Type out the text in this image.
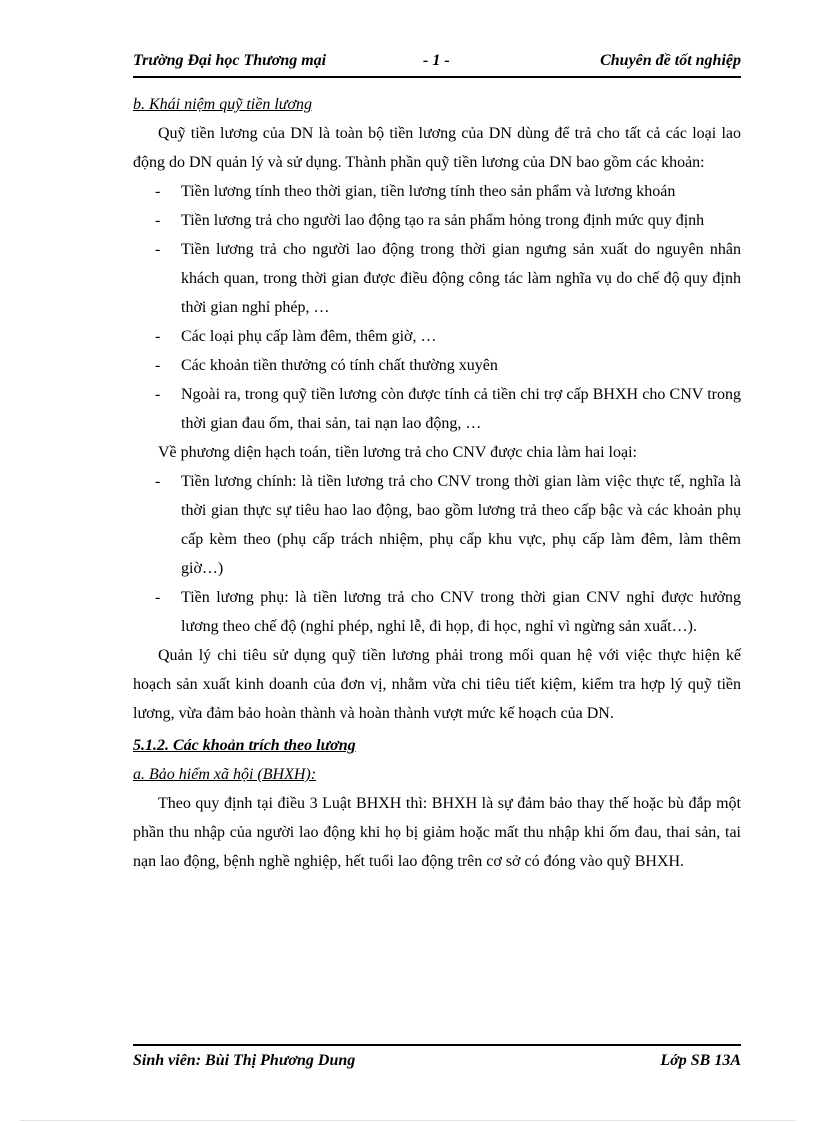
Trường Đại học Thương mại	- 1 -	Chuyên đề tốt nghiệp
b. Khái niệm quỹ tiền lương
Quỹ tiền lương của DN là toàn bộ tiền lương của DN dùng để trả cho tất cả các loại lao động do DN quản lý và sử dụng. Thành phần quỹ tiền lương của DN bao gồm các khoản:
- Tiền lương tính theo thời gian, tiền lương tính theo sản phẩm và lương khoán
- Tiền lương trả cho người lao động tạo ra sản phẩm hỏng trong định mức quy định
- Tiền lương trả cho người lao động trong thời gian ngưng sản xuất do nguyên nhân khách quan, trong thời gian được điều động công tác làm nghĩa vụ do chế độ quy định thời gian nghỉ phép, …
- Các loại phụ cấp làm đêm, thêm giờ, …
- Các khoản tiền thưởng có tính chất thường xuyên
- Ngoài ra, trong quỹ tiền lương còn được tính cả tiền chi trợ cấp BHXH cho CNV trong thời gian đau ốm, thai sản, tai nạn lao động, …
Về phương diện hạch toán, tiền lương trả cho CNV được chia làm hai loại:
- Tiền lương chính: là tiền lương trả cho CNV trong thời gian làm việc thực tế, nghĩa là thời gian thực sự tiêu hao lao động, bao gồm lương trả theo cấp bậc và các khoản phụ cấp kèm theo (phụ cấp trách nhiệm, phụ cấp khu vực, phụ cấp làm đêm, làm thêm giờ…)
- Tiền lương phụ: là tiền lương trả cho CNV trong thời gian CNV nghỉ được hưởng lương theo chế độ (nghỉ phép, nghỉ lễ, đi họp, đi học, nghỉ vì ngừng sản xuất…).
Quản lý chi tiêu sử dụng quỹ tiền lương phải trong mối quan hệ với việc thực hiện kế hoạch sản xuất kinh doanh của đơn vị, nhằm vừa chi tiêu tiết kiệm, kiểm tra hợp lý quỹ tiền lương, vừa đảm bảo hoàn thành và hoàn thành vượt mức kế hoạch của DN.
5.1.2. Các khoản trích theo lương
a. Bảo hiểm xã hội (BHXH):
Theo quy định tại điều 3 Luật BHXH thì: BHXH là sự đảm bảo thay thế hoặc bù đắp một phần thu nhập của người lao động khi họ bị giảm hoặc mất thu nhập khi ốm đau, thai sản, tai nạn lao động, bệnh nghề nghiệp, hết tuổi lao động trên cơ sở có đóng vào quỹ BHXH.
Sinh viên: Bùi Thị Phương Dung	Lớp SB 13A
